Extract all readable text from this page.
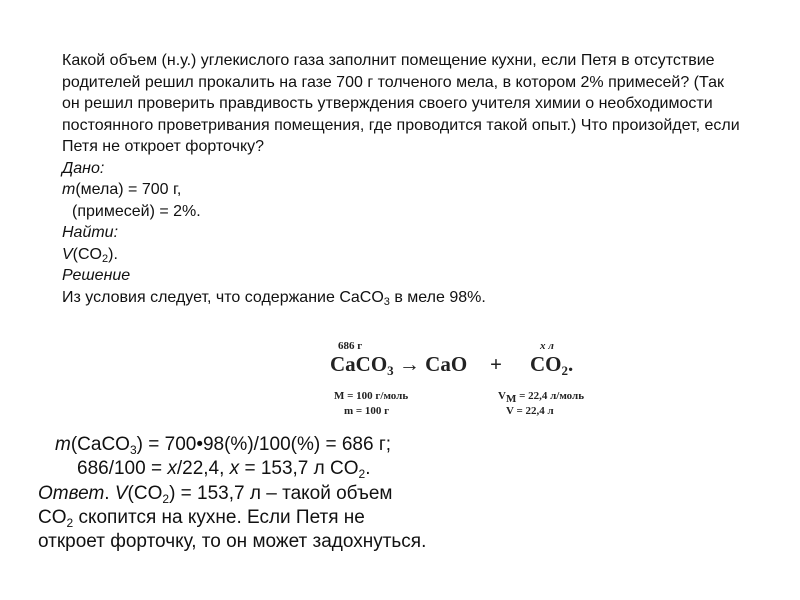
Какой объем (н.у.) углекислого газа заполнит помещение кухни, если Петя в отсутствие родителей решил прокалить на газе 700 г толченого мела, в котором 2% примесей? (Так он решил проверить правдивость утверждения своего учителя химии о необходимости постоянного проветривания помещения, где проводится такой опыт.) Что произойдет, если Петя не откроет форточку?

Дано:

m(мела) = 700 г,

(примесей) = 2%.

Найти:

$V(CO_2)$.

Решение

Из условия следует, что содержание CaCO$_3$ в меле 98%.

686 г	x л
CaCO$_3$ → CaO + $CO_2$.
M = 100 г/моль
m = 100 г
$V_M = 22,4$ л/моль
V = 22,4 л
m(CaCO$_3$) = 700•98(%)/100(%) = 686 г;
686/100 = x/22,4, x = 153,7 л $CO_2$.
Ответ. $V(CO_2) = 153,7$ л – такой объем $CO_2$ скопится на кухне. Если Петя не откроет форточку, то он может задохнуться.
